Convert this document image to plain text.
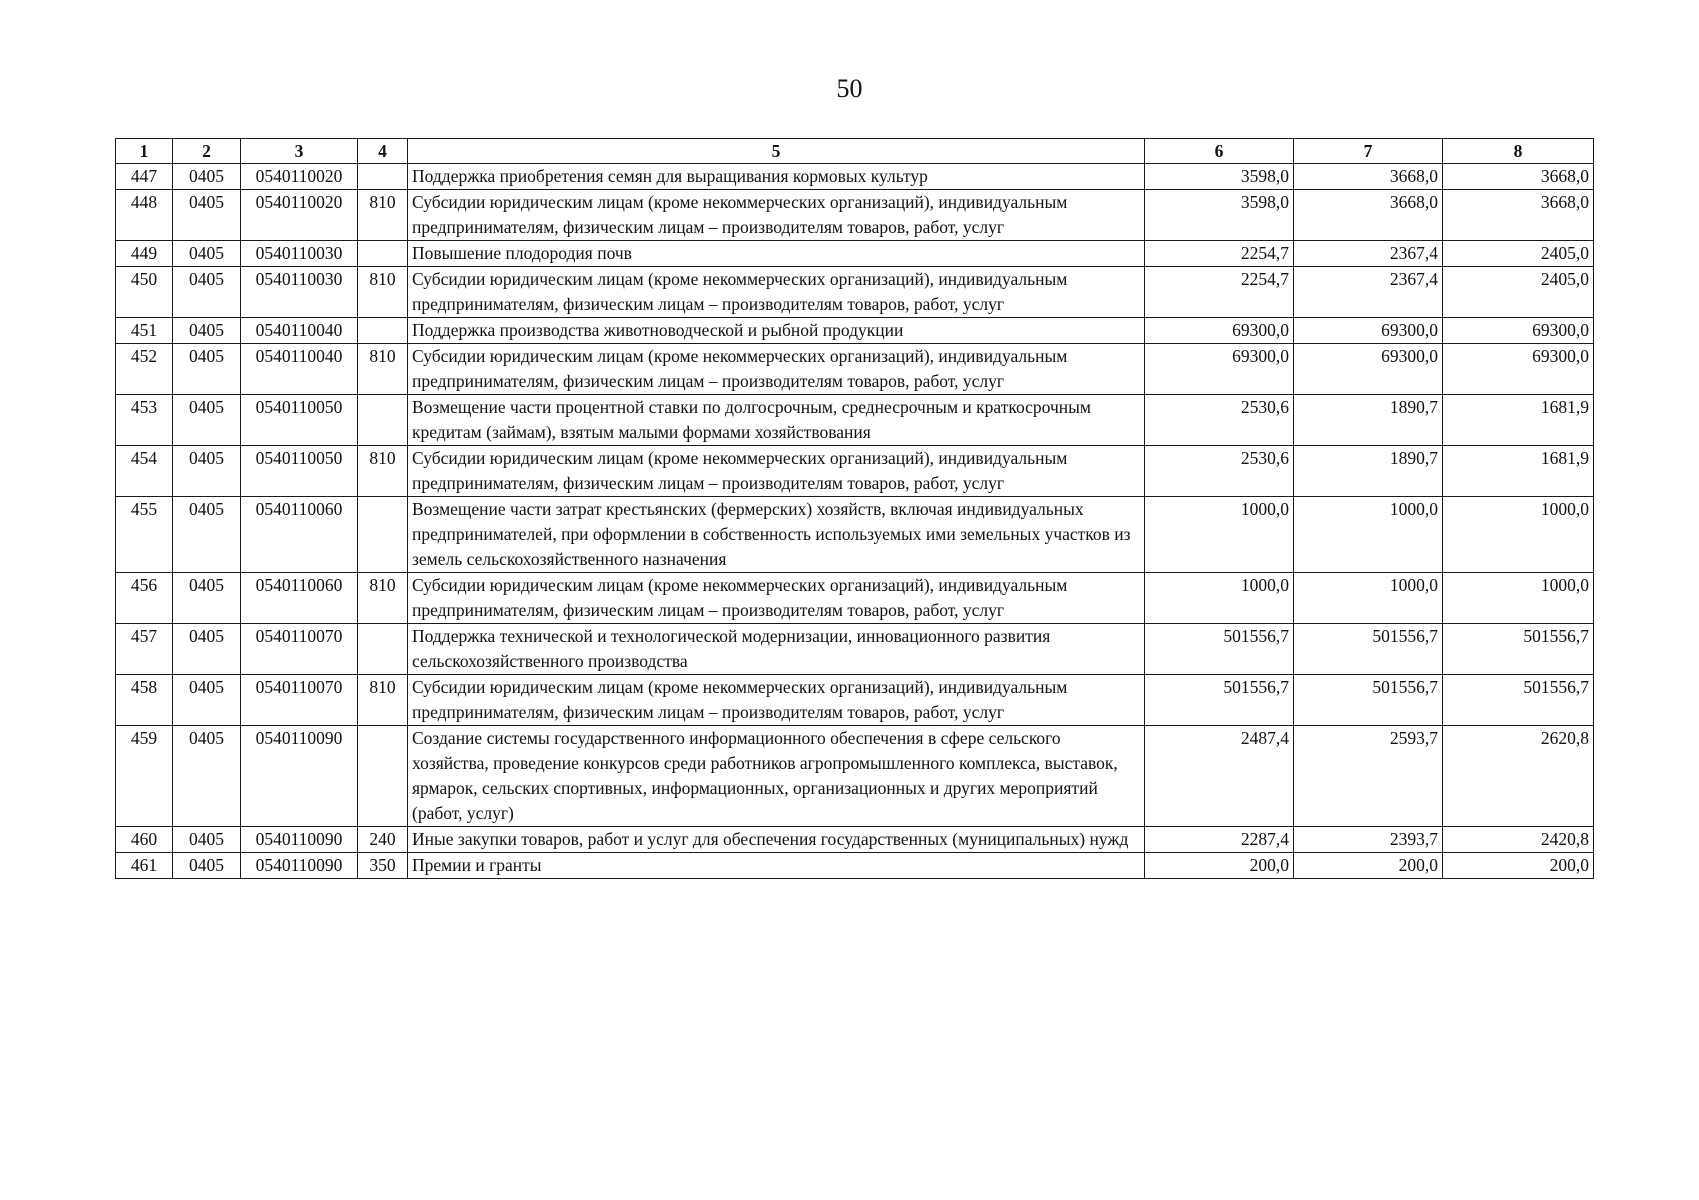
50
1	2	3	4	5	6	7	8
447	0405	0540110020		Поддержка приобретения семян для выращивания кормовых культур	3598,0	3668,0	3668,0
448	0405	0540110020	810	Субсидии юридическим лицам (кроме некоммерческих организаций), индивидуальным предпринимателям, физическим лицам – производителям товаров, работ, услуг	3598,0	3668,0	3668,0
449	0405	0540110030		Повышение плодородия почв	2254,7	2367,4	2405,0
450	0405	0540110030	810	Субсидии юридическим лицам (кроме некоммерческих организаций), индивидуальным предпринимателям, физическим лицам – производителям товаров, работ, услуг	2254,7	2367,4	2405,0
451	0405	0540110040		Поддержка производства животноводческой и рыбной продукции	69300,0	69300,0	69300,0
452	0405	0540110040	810	Субсидии юридическим лицам (кроме некоммерческих организаций), индивидуальным предпринимателям, физическим лицам – производителям товаров, работ, услуг	69300,0	69300,0	69300,0
453	0405	0540110050		Возмещение части процентной ставки по долгосрочным, среднесрочным и краткосрочным кредитам (займам), взятым малыми формами хозяйствования	2530,6	1890,7	1681,9
454	0405	0540110050	810	Субсидии юридическим лицам (кроме некоммерческих организаций), индивидуальным предпринимателям, физическим лицам – производителям товаров, работ, услуг	2530,6	1890,7	1681,9
455	0405	0540110060		Возмещение части затрат крестьянских (фермерских) хозяйств, включая индивидуальных предпринимателей, при оформлении в собственность используемых ими земельных участков из земель сельскохозяйственного назначения	1000,0	1000,0	1000,0
456	0405	0540110060	810	Субсидии юридическим лицам (кроме некоммерческих организаций), индивидуальным предпринимателям, физическим лицам – производителям товаров, работ, услуг	1000,0	1000,0	1000,0
457	0405	0540110070		Поддержка технической и технологической модернизации, инновационного развития сельскохозяйственного производства	501556,7	501556,7	501556,7
458	0405	0540110070	810	Субсидии юридическим лицам (кроме некоммерческих организаций), индивидуальным предпринимателям, физическим лицам – производителям товаров, работ, услуг	501556,7	501556,7	501556,7
459	0405	0540110090		Создание системы государственного информационного обеспечения в сфере сельского хозяйства, проведение конкурсов среди работников агропромышленного комплекса, выставок, ярмарок, сельских спортивных, информационных, организационных и других мероприятий (работ, услуг)	2487,4	2593,7	2620,8
460	0405	0540110090	240	Иные закупки товаров, работ и услуг для обеспечения государственных (муниципальных) нужд	2287,4	2393,7	2420,8
461	0405	0540110090	350	Премии и гранты	200,0	200,0	200,0
